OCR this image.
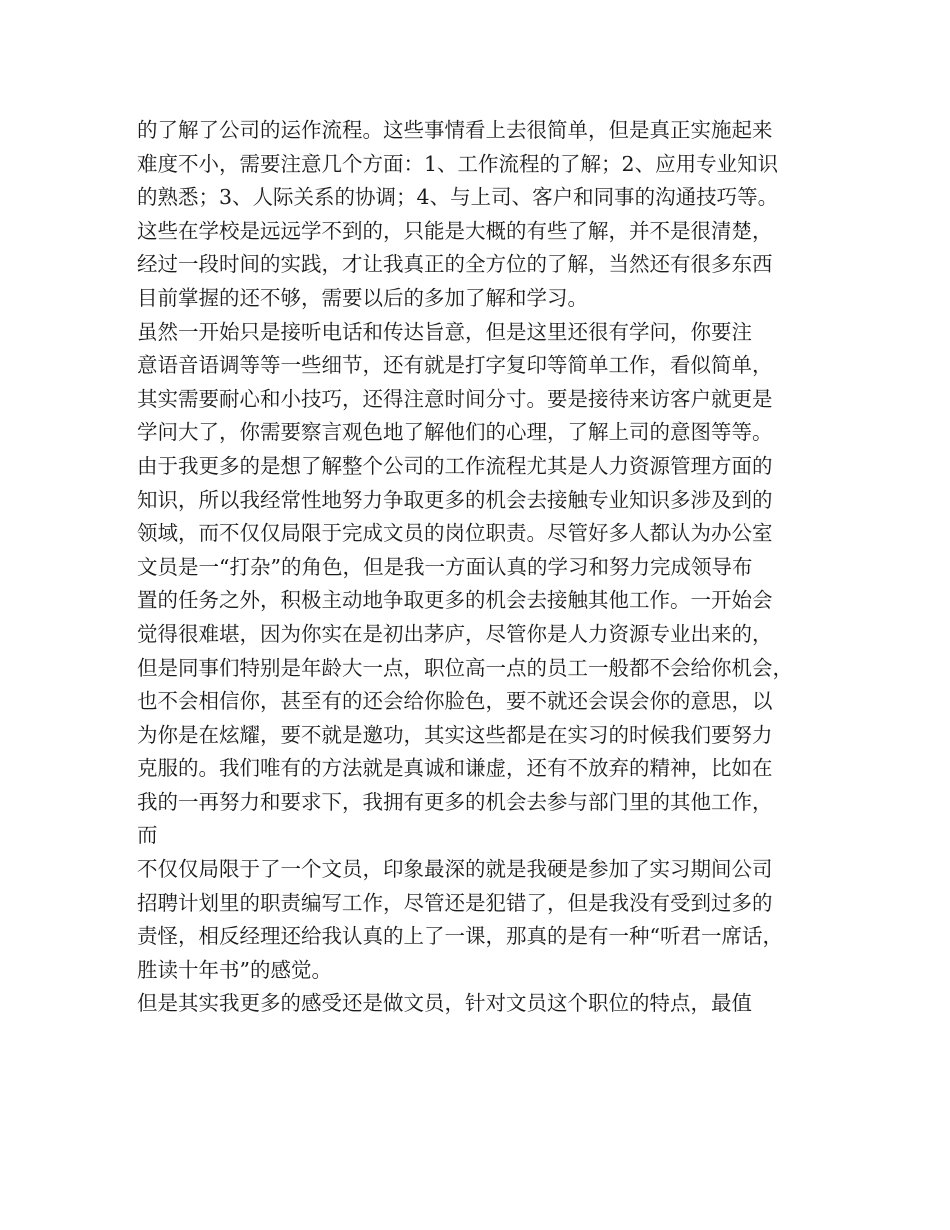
的了解了公司的运作流程。这些事情看上去很简单，但是真正实施起来
难度不小，需要注意几个方面：1、工作流程的了解；2、应用专业知识
的熟悉；3、人际关系的协调；4、与上司、客户和同事的沟通技巧等。
这些在学校是远远学不到的，只能是大概的有些了解，并不是很清楚，
经过一段时间的实践，才让我真正的全方位的了解，当然还有很多东西
目前掌握的还不够，需要以后的多加了解和学习。
虽然一开始只是接听电话和传达旨意，但是这里还很有学问，你要注
意语音语调等等一些细节，还有就是打字复印等简单工作，看似简单，
其实需要耐心和小技巧，还得注意时间分寸。要是接待来访客户就更是
学问大了，你需要察言观色地了解他们的心理，了解上司的意图等等。
由于我更多的是想了解整个公司的工作流程尤其是人力资源管理方面的
知识，所以我经常性地努力争取更多的机会去接触专业知识多涉及到的
领域，而不仅仅局限于完成文员的岗位职责。尽管好多人都认为办公室
文员是一“打杂”的角色，但是我一方面认真的学习和努力完成领导布
置的任务之外，积极主动地争取更多的机会去接触其他工作。一开始会
觉得很难堪，因为你实在是初出茅庐，尽管你是人力资源专业出来的，
但是同事们特别是年龄大一点，职位高一点的员工一般都不会给你机会，
也不会相信你，甚至有的还会给你脸色，要不就还会误会你的意思，以
为你是在炫耀，要不就是邀功，其实这些都是在实习的时候我们要努力
克服的。我们唯有的方法就是真诚和谦虚，还有不放弃的精神，比如在
我的一再努力和要求下，我拥有更多的机会去参与部门里的其他工作，
而
不仅仅局限于了一个文员，印象最深的就是我硬是参加了实习期间公司
招聘计划里的职责编写工作，尽管还是犯错了，但是我没有受到过多的
责怪，相反经理还给我认真的上了一课，那真的是有一种“听君一席话，
胜读十年书”的感觉。
但是其实我更多的感受还是做文员，针对文员这个职位的特点，最值
